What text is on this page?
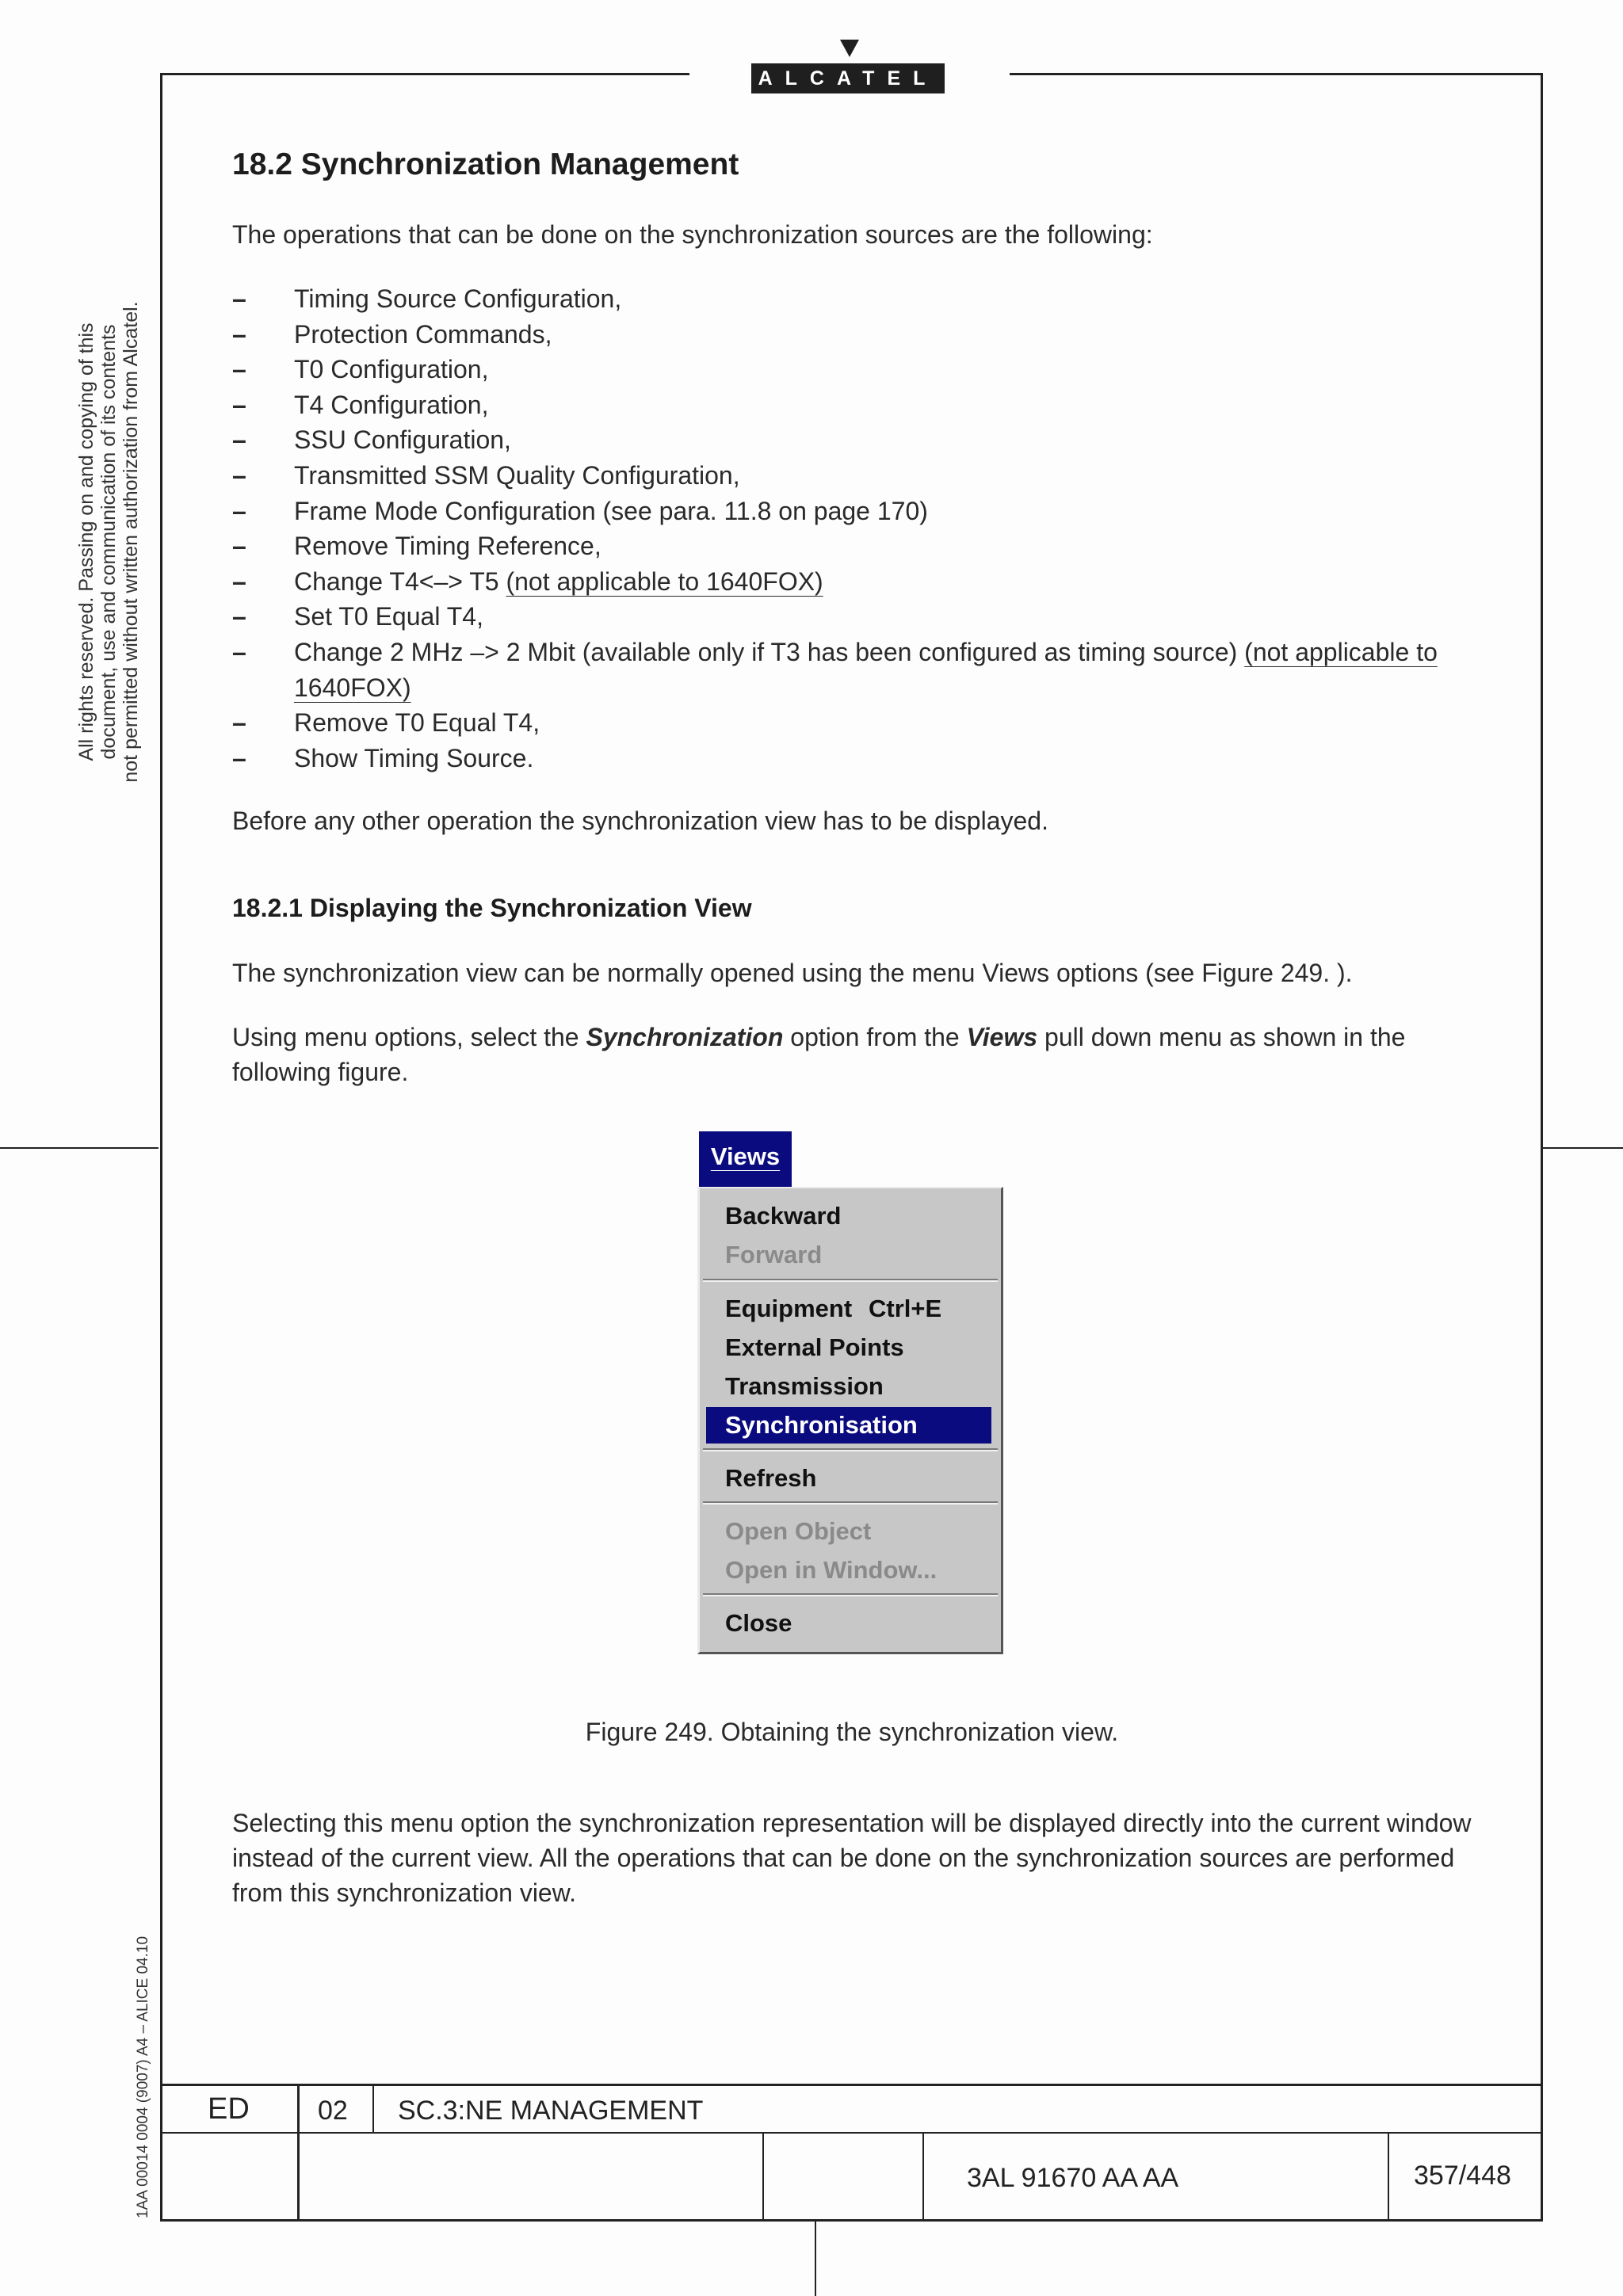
ALCATEL
All rights reserved. Passing on and copying of this document, use and communication of its contents not permitted without written authorization from Alcatel.
1AA 00014 0004 (9007) A4 – ALICE 04.10
18.2 Synchronization Management
The operations that can be done on the synchronization sources are the following:
– Timing Source Configuration,
– Protection Commands,
– T0 Configuration,
– T4 Configuration,
– SSU Configuration,
– Transmitted SSM Quality Configuration,
– Frame Mode Configuration (see para. 11.8 on page 170)
– Remove Timing Reference,
– Change T4<–> T5 (not applicable to 1640FOX)
– Set T0 Equal T4,
– Change 2 MHz –> 2 Mbit (available only if T3 has been configured as timing source) (not applicable to 1640FOX)
– Remove T0 Equal T4,
– Show Timing Source.
Before any other operation the synchronization view has to be displayed.
18.2.1 Displaying the Synchronization View
The synchronization view can be normally opened using the menu Views options (see Figure 249. ).
Using menu options, select the Synchronization option from the Views pull down menu as shown in the following figure.
Views
Backward
Forward
Equipment Ctrl+E
External Points
Transmission
Synchronisation
Refresh
Open Object
Open in Window...
Close
Figure 249. Obtaining the synchronization view.
Selecting this menu option the synchronization representation will be displayed directly into the current window instead of the current view. All the operations that can be done on the synchronization sources are performed from this synchronization view.
ED	02 SC.3:NE MANAGEMENT
3AL 91670 AA AA	357/448
